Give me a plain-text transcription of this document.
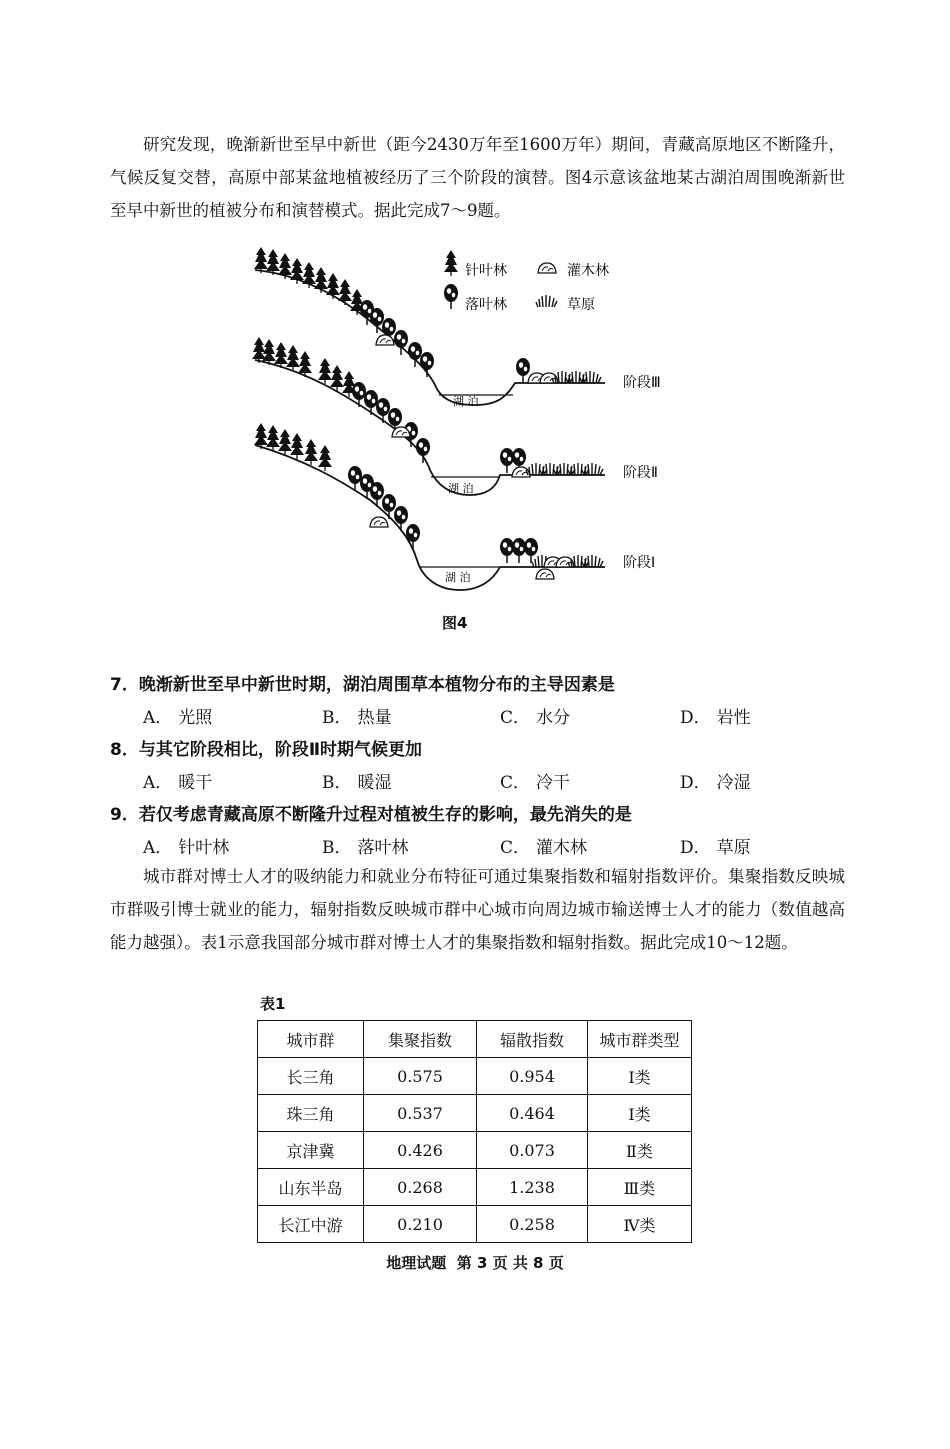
研究发现，晚渐新世至早中新世（距今2430万年至1600万年）期间，青藏高原地区不断隆升，气候反复交替，高原中部某盆地植被经历了三个阶段的演替。图4示意该盆地某古湖泊周围晚渐新世至早中新世的植被分布和演替模式。据此完成7～9题。
针叶林	灌木林
落叶林	草原
湖 泊
阶段Ⅲ
湖 泊
阶段Ⅱ
湖 泊
阶段Ⅰ
图4
7．晚渐新世至早中新世时期，湖泊周围草本植物分布的主导因素是
A． 光照	B． 热量	C． 水分	D． 岩性
8．与其它阶段相比，阶段Ⅱ时期气候更加
A． 暖干	B． 暖湿	C． 冷干	D． 冷湿
9．若仅考虑青藏高原不断隆升过程对植被生存的影响，最先消失的是
A． 针叶林	B． 落叶林	C． 灌木林	D． 草原
城市群对博士人才的吸纳能力和就业分布特征可通过集聚指数和辐射指数评价。集聚指数反映城市群吸引博士就业的能力，辐射指数反映城市群中心城市向周边城市输送博士人才的能力（数值越高能力越强）。表1示意我国部分城市群对博士人才的集聚指数和辐射指数。据此完成10～12题。
表1
城市群	集聚指数	辐散指数	城市群类型
长三角	0.575	0.954	Ⅰ类
珠三角	0.537	0.464	Ⅰ类
京津冀	0.426	0.073	Ⅱ类
山东半岛	0.268	1.238	Ⅲ类
长江中游	0.210	0.258	Ⅳ类
地理试题  第 3 页 共 8 页
